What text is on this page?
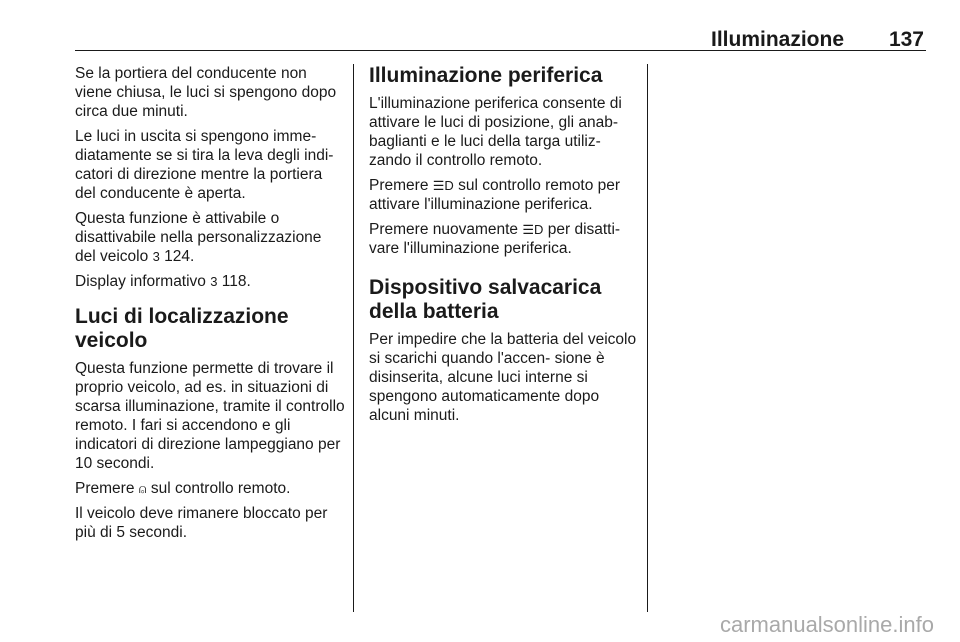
Illuminazione 137

Se la portiera del conducente non viene chiusa, le luci si spengono dopo circa due minuti.

Le luci in uscita si spengono imme- diatamente se si tira la leva degli indi- catori di direzione mentre la portiera del conducente è aperta.

Questa funzione è attivabile o disattivabile nella personalizzazione del veicolo 3 124.

Display informativo 3 118.

Luci di localizzazione veicolo

Questa funzione permette di trovare il proprio veicolo, ad es. in situazioni di scarsa illuminazione, tramite il controllo remoto. I fari si accendono e gli indicatori di direzione lampeggiano per 10 secondi.

Premere ⍝ sul controllo remoto.

Il veicolo deve rimanere bloccato per più di 5 secondi.

Illuminazione periferica

L'illuminazione periferica consente di attivare le luci di posizione, gli anab- baglianti e le luci della targa utiliz- zando il controllo remoto.

Premere ☰D sul controllo remoto per attivare l'illuminazione periferica.

Premere nuovamente ☰D per disatti- vare l'illuminazione periferica.

Dispositivo salvacarica della batteria

Per impedire che la batteria del veicolo si scarichi quando l'accen- sione è disinserita, alcune luci interne si spengono automaticamente dopo alcuni minuti.

carmanualsonline.info
